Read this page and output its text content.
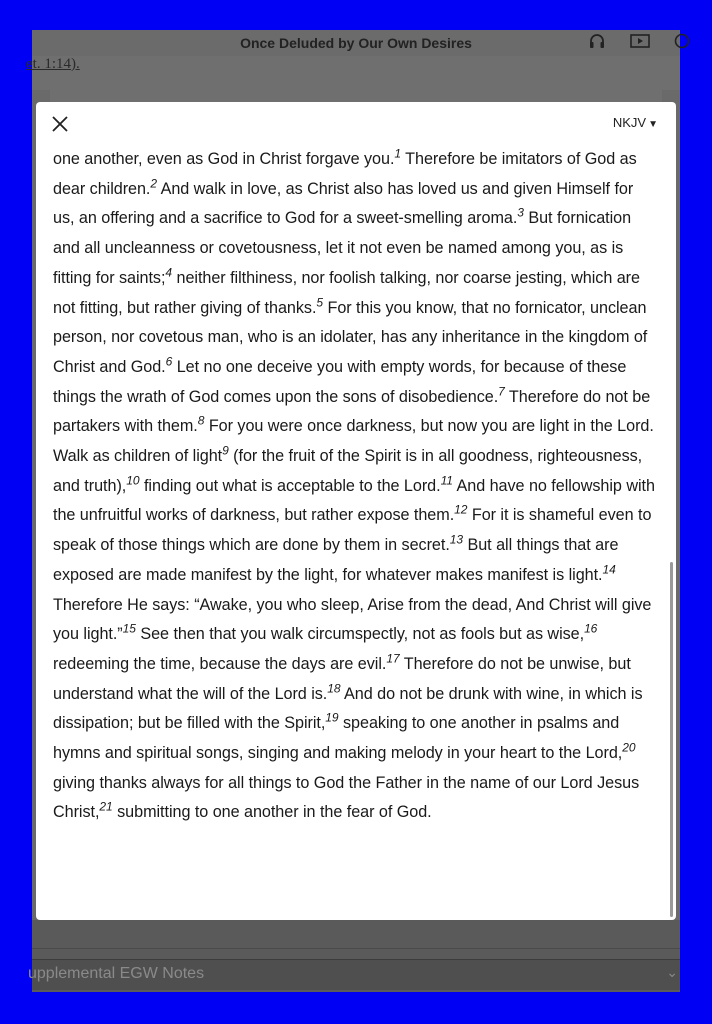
Once Deluded by Our Own Desires
et. 1:14).
upplemental EGW Notes	⌄
NKJV ▼
one another, even as God in Christ forgave you.$^1$ Therefore be imitators of God as dear children.$^2$ And walk in love, as Christ also has loved us and given Himself for us, an offering and a sacrifice to God for a sweet-smelling aroma.$^3$ But fornication and all uncleanness or covetousness, let it not even be named among you, as is fitting for saints;$^4$ neither filthiness, nor foolish talking, nor coarse jesting, which are not fitting, but rather giving of thanks.$^5$ For this you know, that no fornicator, unclean person, nor covetous man, who is an idolater, has any inheritance in the kingdom of Christ and God.$^6$ Let no one deceive you with empty words, for because of these things the wrath of God comes upon the sons of disobedience.$^7$ Therefore do not be partakers with them.$^8$ For you were once darkness, but now you are light in the Lord. Walk as children of light$^9$ (for the fruit of the Spirit is in all goodness, righteousness, and truth),$^{10}$ finding out what is acceptable to the Lord.$^{11}$ And have no fellowship with the unfruitful works of darkness, but rather expose them.$^{12}$ For it is shameful even to speak of those things which are done by them in secret.$^{13}$ But all things that are exposed are made manifest by the light, for whatever makes manifest is light.$^{14}$ Therefore He says: “Awake, you who sleep, Arise from the dead, And Christ will give you light.”$^{15}$ See then that you walk circumspectly, not as fools but as wise,$^{16}$ redeeming the time, because the days are evil.$^{17}$ Therefore do not be unwise, but understand what the will of the Lord is.$^{18}$ And do not be drunk with wine, in which is dissipation; but be filled with the Spirit,$^{19}$ speaking to one another in psalms and hymns and spiritual songs, singing and making melody in your heart to the Lord,$^{20}$ giving thanks always for all things to God the Father in the name of our Lord Jesus Christ,$^{21}$ submitting to one another in the fear of God.
